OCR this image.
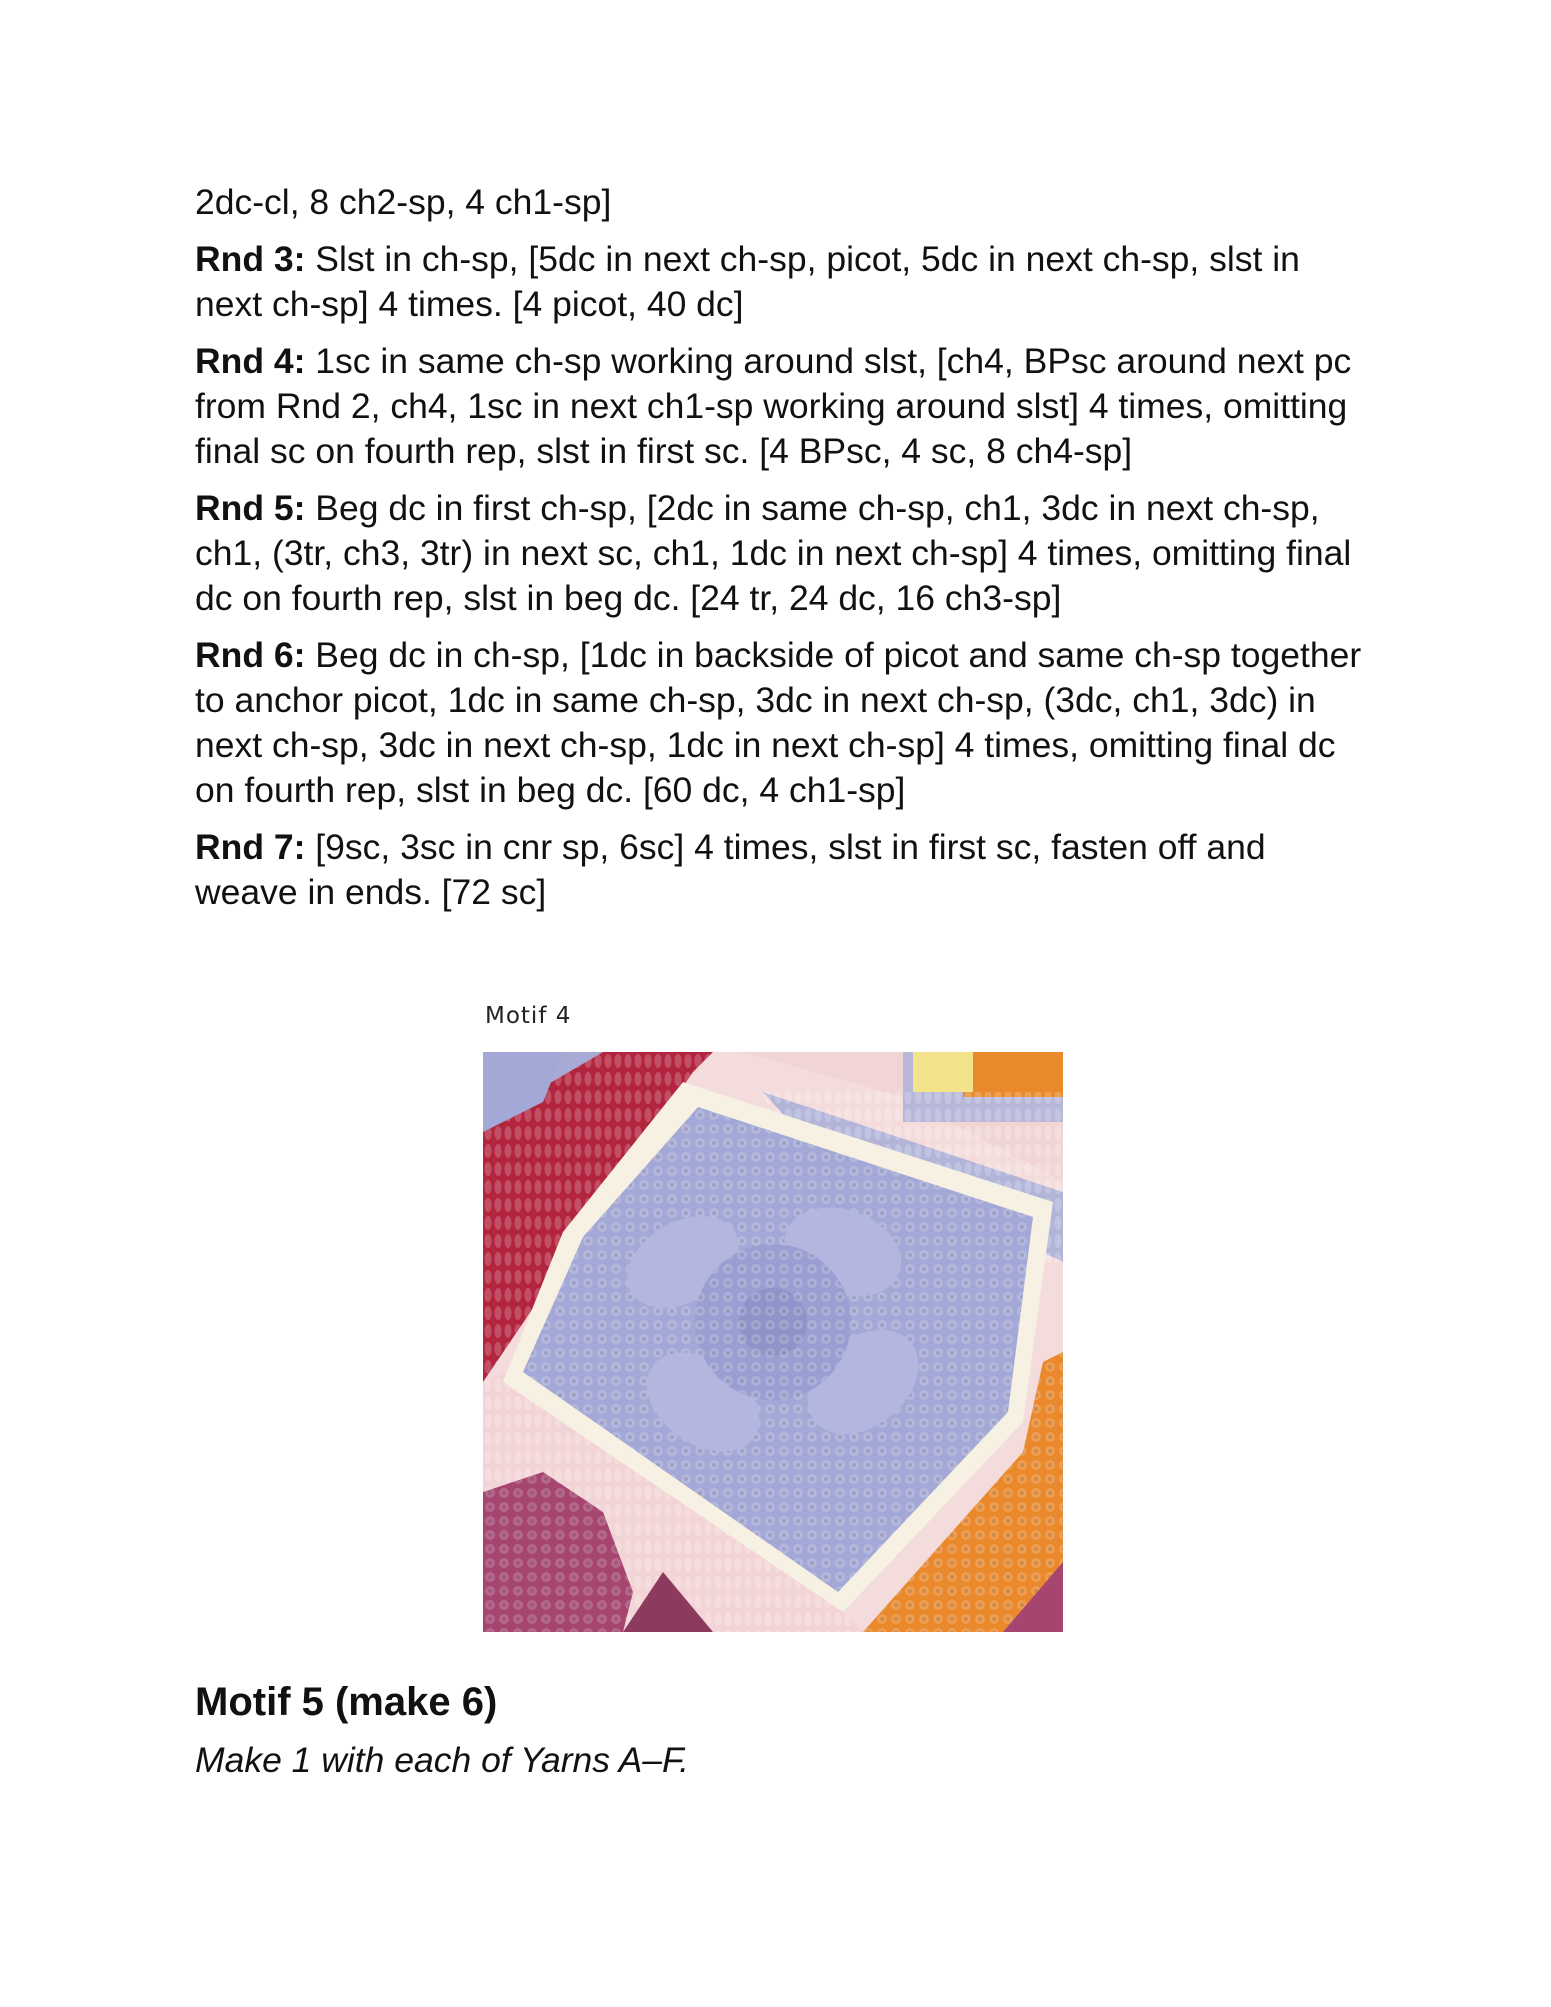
2dc-cl, 8 ch2-sp, 4 ch1-sp]

Rnd 3: Slst in ch-sp, [5dc in next ch-sp, picot, 5dc in next ch-sp, slst in next ch-sp] 4 times. [4 picot, 40 dc]

Rnd 4: 1sc in same ch-sp working around slst, [ch4, BPsc around next pc from Rnd 2, ch4, 1sc in next ch1-sp working around slst] 4 times, omitting final sc on fourth rep, slst in first sc. [4 BPsc, 4 sc, 8 ch4-sp]

Rnd 5: Beg dc in first ch-sp, [2dc in same ch-sp, ch1, 3dc in next ch-sp, ch1, (3tr, ch3, 3tr) in next sc, ch1, 1dc in next ch-sp] 4 times, omitting final dc on fourth rep, slst in beg dc. [24 tr, 24 dc, 16 ch3-sp]

Rnd 6: Beg dc in ch-sp, [1dc in backside of picot and same ch-sp together to anchor picot, 1dc in same ch-sp, 3dc in next ch-sp, (3dc, ch1, 3dc) in next ch-sp, 3dc in next ch-sp, 1dc in next ch-sp] 4 times, omitting final dc on fourth rep, slst in beg dc. [60 dc, 4 ch1-sp]

Rnd 7: [9sc, 3sc in cnr sp, 6sc] 4 times, slst in first sc, fasten off and weave in ends. [72 sc]

Motif 4
Motif 5 (make 6)

Make 1 with each of Yarns A–F.
